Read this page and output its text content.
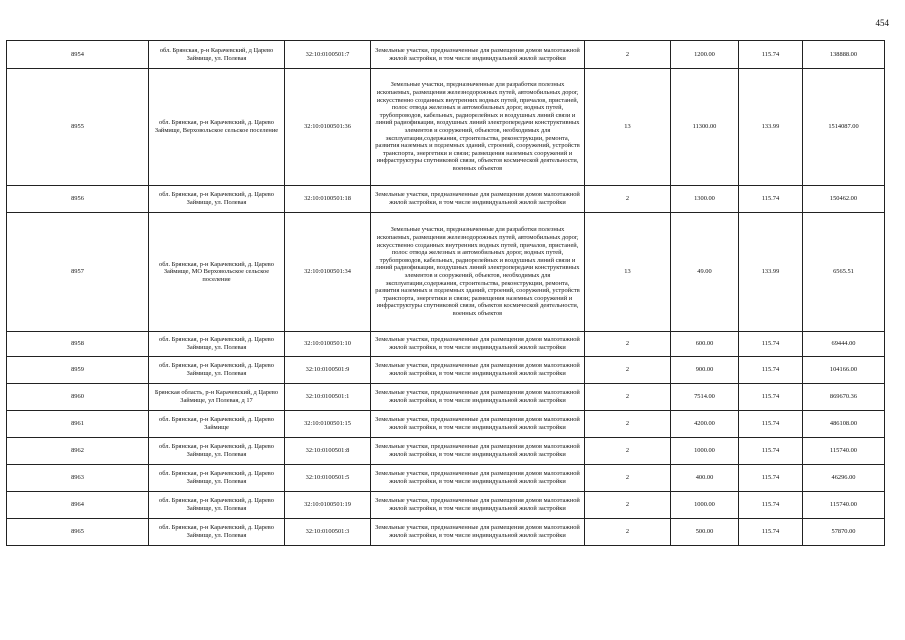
454
8954	обл. Брянская, р-н Карачевский, д Царево Займище, ул. Полевая	32:10:0100501:7	Земельные участки, предназначенные для размещения домов малоэтажной жилой застройки, в том числе индивидуальной жилой застройки	2	1200.00	115.74	138888.00
8955	обл. Брянская, р-н Карачевский, д. Царево Займище, Верховольское сельское поселение	32:10:0100501:36	Земельные участки, предназначенные для разработки полезных ископаемых, размещения железнодорожных путей, автомобильных дорог, искусственно созданных внутренних водных путей, причалов, пристаней, полос отвода железных и автомобильных дорог, водных путей, трубопроводов, кабельных, радиорелейных и воздушных линий связи и линий радиофикации, воздушных линий электропередачи конструктивных элементов и сооружений, объектов, необходимых для эксплуатации,содержания, строительства, реконструкции, ремонта, развития наземных и подземных зданий, строений, сооружений, устройств транспорта, энергетики и связи; размещения наземных сооружений и инфраструктуры спутниковой связи, объектов космической деятельности, военных объектов	13	11300.00	133.99	1514087.00
8956	обл. Брянская, р-н Карачевский, д. Царево Займище, ул. Полевая	32:10:0100501:18	Земельные участки, предназначенные для размещения домов малоэтажной жилой застройки, в том числе индивидуальной жилой застройки	2	1300.00	115.74	150462.00
8957	обл. Брянская, р-н Карачевский, д. Царево Займище, МО Верховольское сельское поселение	32:10:0100501:34	Земельные участки, предназначенные для разработки полезных ископаемых, размещения железнодорожных путей, автомобильных дорог, искусственно созданных внутренних водных путей, причалов, пристаней, полос отвода железных и автомобильных дорог, водных путей, трубопроводов, кабельных, радиорелейных и воздушных линий связи и линий радиофикации, воздушных линий электропередачи конструктивных элементов и сооружений, объектов, необходимых для эксплуатации,содержания, строительства, реконструкции, ремонта, развития наземных и подземных зданий, строений, сооружений, устройств транспорта, энергетики и связи; размещения наземных сооружений и инфраструктуры спутниковой связи, объектов космической деятельности, военных объектов	13	49.00	133.99	6565.51
8958	обл. Брянская, р-н Карачевский, д. Царево Займище, ул. Полевая	32:10:0100501:10	Земельные участки, предназначенные для размещения домов малоэтажной жилой застройки, в том числе индивидуальной жилой застройки	2	600.00	115.74	69444.00
8959	обл. Брянская, р-н Карачевский, д. Царево Займище, ул. Полевая	32:10:0100501:9	Земельные участки, предназначенные для размещения домов малоэтажной жилой застройки, в том числе индивидуальной жилой застройки	2	900.00	115.74	104166.00
8960	Брянская область, р-н Карачевский, д Царево Займище, ул Полевая, д 17	32:10:0100501:1	Земельные участки, предназначенные для размещения домов малоэтажной жилой застройки, в том числе индивидуальной жилой застройки	2	7514.00	115.74	869670.36
8961	обл. Брянская, р-н Карачевский, д. Царево Займище	32:10:0100501:15	Земельные участки, предназначенные для размещения домов малоэтажной жилой застройки, в том числе индивидуальной жилой застройки	2	4200.00	115.74	486108.00
8962	обл. Брянская, р-н Карачевский, д. Царево Займище, ул. Полевая	32:10:0100501:8	Земельные участки, предназначенные для размещения домов малоэтажной жилой застройки, в том числе индивидуальной жилой застройки	2	1000.00	115.74	115740.00
8963	обл. Брянская, р-н Карачевский, д. Царево Займище, ул. Полевая	32:10:0100501:5	Земельные участки, предназначенные для размещения домов малоэтажной жилой застройки, в том числе индивидуальной жилой застройки	2	400.00	115.74	46296.00
8964	обл. Брянская, р-н Карачевский, д. Царево Займище, ул. Полевая	32:10:0100501:19	Земельные участки, предназначенные для размещения домов малоэтажной жилой застройки, в том числе индивидуальной жилой застройки	2	1000.00	115.74	115740.00
8965	обл. Брянская, р-н Карачевский, д. Царево Займище, ул. Полевая	32:10:0100501:3	Земельные участки, предназначенные для размещения домов малоэтажной жилой застройки, в том числе индивидуальной жилой застройки	2	500.00	115.74	57870.00
